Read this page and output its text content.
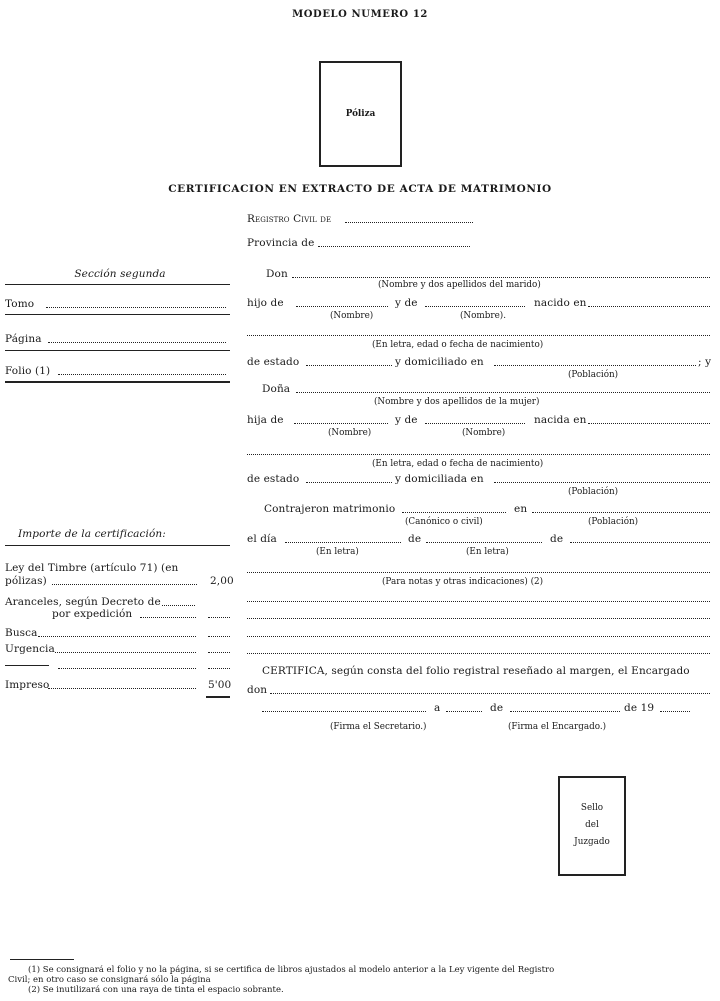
MODELO NUMERO 12
Póliza
CERTIFICACION EN EXTRACTO DE ACTA DE MATRIMONIO
Registro Civil de
Provincia de
Sección segunda
Tomo
Página
Folio (1)
Importe de la certificación:
Ley del Timbre (artículo 71) (en
pólizas)	2,00
Aranceles, según Decreto de
por expedición
Busca
Urgencia
Impreso	5'00
Don
(Nombre y dos apellidos del marido)
hijo de	y de	nacido en
(Nombre)	(Nombre).
(En letra, edad o fecha de nacimiento)
de estado	y domiciliado en	; y
(Población)
Doña
(Nombre y dos apellidos de la mujer)
hija de	y de	nacida en
(Nombre)	(Nombre)
(En letra, edad o fecha de nacimiento)
de estado	y domiciliada en
(Población)
Contrajeron matrimonio	en
(Canónico o civil)	(Población)
el día	de	de
(En letra)	(En letra)
(Para notas y otras indicaciones) (2)
CERTIFICA, según consta del folio registral reseñado al margen, el Encargado
don
a	de	de 19
(Firma el Secretario.)	(Firma el Encargado.)
Sello
del
Juzgado
(1) Se consignará el folio y no la página, si se certifica de libros ajustados al modelo anterior a la Ley vigente del Registro
Civil; en otro caso se consignará sólo la página
(2) Se inutilizará con una raya de tinta el espacio sobrante.
